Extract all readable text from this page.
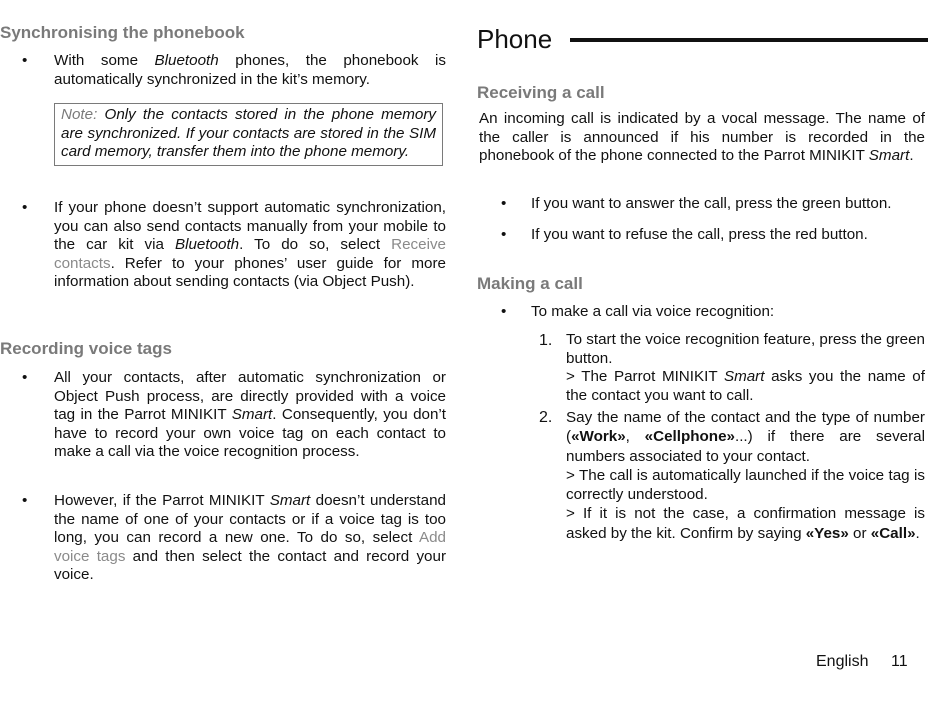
Synchronising the phonebook
•	With some Bluetooth phones, the phonebook is automatically synchronized in the kit’s memory.
Note: Only the contacts stored in the phone memory are synchronized. If your contacts are stored in the SIM card memory, transfer them into the phone memory.
•	If your phone doesn’t support automatic synchronization, you can also send contacts manually from your mobile to the car kit via Bluetooth. To do so, select Receive contacts. Refer to your phones’ user guide for more information about sending contacts (via Object Push).
Recording voice tags
•	All your contacts, after automatic synchronization or Object Push process, are directly provided with a voice tag in the Parrot MINIKIT Smart. Consequently, you don’t have to record your own voice tag on each contact to make a call via the voice recognition process.
•	However, if the Parrot MINIKIT Smart doesn’t understand the name of one of your contacts or if a voice tag is too long, you can record a new one. To do so, select Add voice tags and then select the contact and record your voice.
Phone
Receiving a call
An incoming call is indicated by a vocal message. The name of the caller is announced if his number is recorded in the phonebook of the phone connected to the Parrot MINIKIT Smart.
•	If you want to answer the call, press the green button.
•	If you want to refuse the call, press the red button.
Making a call
•	To make a call via voice recognition:
1. To start the voice recognition feature, press the green button.
> The Parrot MINIKIT Smart asks you the name of the contact you want to call.
2. Say the name of the contact and the type of number («Work», «Cellphone»...) if there are several numbers associated to your contact.
> The call is automatically launched if the voice tag is correctly understood.
> If it is not the case, a confirmation message is asked by the kit. Confirm by saying «Yes» or «Call».
English 11
